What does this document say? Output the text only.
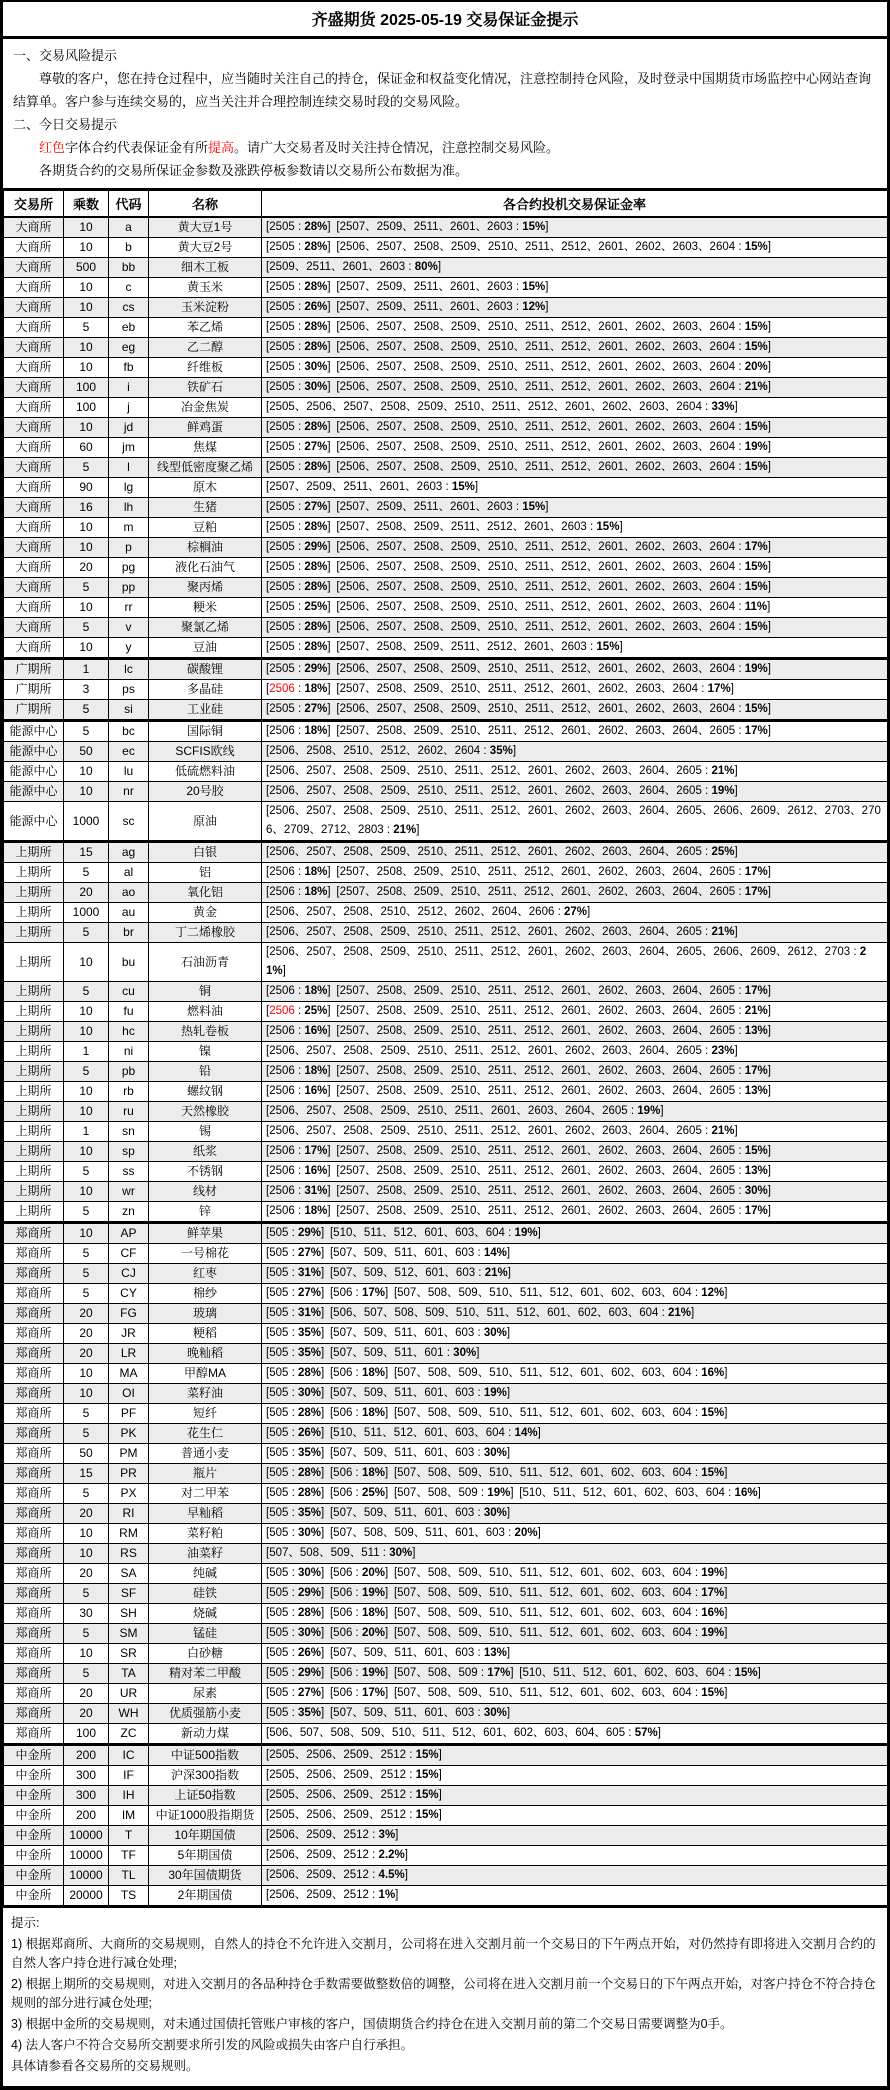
齐盛期货 2025-05-19 交易保证金提示
一、交易风险提示
尊敬的客户，您在持仓过程中，应当随时关注自己的持仓，保证金和权益变化情况，注意控制持仓风险，及时登录中国期货市场监控中心网站查询结算单。客户参与连续交易的，应当关注并合理控制连续交易时段的交易风险。
二、今日交易提示
红色字体合约代表保证金有所提高。请广大交易者及时关注持仓情况，注意控制交易风险。
各期货合约的交易所保证金参数及涨跌停板参数请以交易所公布数据为准。
交易所	乘数	代码	名称	各合约投机交易保证金率
大商所	10	a	黄大豆1号	[2505 : 28%]  [2507、2509、2511、2601、2603 : 15%]
大商所	10	b	黄大豆2号	[2505 : 28%]  [2506、2507、2508、2509、2510、2511、2512、2601、2602、2603、2604 : 15%]
大商所	500	bb	细木工板	[2509、2511、2601、2603 : 80%]
大商所	10	c	黄玉米	[2505 : 28%]  [2507、2509、2511、2601、2603 : 15%]
大商所	10	cs	玉米淀粉	[2505 : 26%]  [2507、2509、2511、2601、2603 : 12%]
大商所	5	eb	苯乙烯	[2505 : 28%]  [2506、2507、2508、2509、2510、2511、2512、2601、2602、2603、2604 : 15%]
大商所	10	eg	乙二醇	[2505 : 28%]  [2506、2507、2508、2509、2510、2511、2512、2601、2602、2603、2604 : 15%]
大商所	10	fb	纤维板	[2505 : 30%]  [2506、2507、2508、2509、2510、2511、2512、2601、2602、2603、2604 : 20%]
大商所	100	i	铁矿石	[2505 : 30%]  [2506、2507、2508、2509、2510、2511、2512、2601、2602、2603、2604 : 21%]
大商所	100	j	冶金焦炭	[2505、2506、2507、2508、2509、2510、2511、2512、2601、2602、2603、2604 : 33%]
大商所	10	jd	鲜鸡蛋	[2505 : 28%]  [2506、2507、2508、2509、2510、2511、2512、2601、2602、2603、2604 : 15%]
大商所	60	jm	焦煤	[2505 : 27%]  [2506、2507、2508、2509、2510、2511、2512、2601、2602、2603、2604 : 19%]
大商所	5	l	线型低密度聚乙烯	[2505 : 28%]  [2506、2507、2508、2509、2510、2511、2512、2601、2602、2603、2604 : 15%]
大商所	90	lg	原木	[2507、2509、2511、2601、2603 : 15%]
大商所	16	lh	生猪	[2505 : 27%]  [2507、2509、2511、2601、2603 : 15%]
大商所	10	m	豆粕	[2505 : 28%]  [2507、2508、2509、2511、2512、2601、2603 : 15%]
大商所	10	p	棕榈油	[2505 : 29%]  [2506、2507、2508、2509、2510、2511、2512、2601、2602、2603、2604 : 17%]
大商所	20	pg	液化石油气	[2505 : 28%]  [2506、2507、2508、2509、2510、2511、2512、2601、2602、2603、2604 : 15%]
大商所	5	pp	聚丙烯	[2505 : 28%]  [2506、2507、2508、2509、2510、2511、2512、2601、2602、2603、2604 : 15%]
大商所	10	rr	粳米	[2505 : 25%]  [2506、2507、2508、2509、2510、2511、2512、2601、2602、2603、2604 : 11%]
大商所	5	v	聚氯乙烯	[2505 : 28%]  [2506、2507、2508、2509、2510、2511、2512、2601、2602、2603、2604 : 15%]
大商所	10	y	豆油	[2505 : 28%]  [2507、2508、2509、2511、2512、2601、2603 : 15%]
广期所	1	lc	碳酸锂	[2505 : 29%]  [2506、2507、2508、2509、2510、2511、2512、2601、2602、2603、2604 : 19%]
广期所	3	ps	多晶硅	[2506 : 18%]  [2507、2508、2509、2510、2511、2512、2601、2602、2603、2604 : 17%]
广期所	5	si	工业硅	[2505 : 27%]  [2506、2507、2508、2509、2510、2511、2512、2601、2602、2603、2604 : 15%]
能源中心	5	bc	国际铜	[2506 : 18%]  [2507、2508、2509、2510、2511、2512、2601、2602、2603、2604、2605 : 17%]
能源中心	50	ec	SCFIS欧线	[2506、2508、2510、2512、2602、2604 : 35%]
能源中心	10	lu	低硫燃料油	[2506、2507、2508、2509、2510、2511、2512、2601、2602、2603、2604、2605 : 21%]
能源中心	10	nr	20号胶	[2506、2507、2508、2509、2510、2511、2512、2601、2602、2603、2604、2605 : 19%]
能源中心	1000	sc	原油	[2506、2507、2508、2509、2510、2511、2512、2601、2602、2603、2604、2605、2606、2609、2612、2703、2706、2709、2712、2803 : 21%]
上期所	15	ag	白银	[2506、2507、2508、2509、2510、2511、2512、2601、2602、2603、2604、2605 : 25%]
上期所	5	al	铝	[2506 : 18%]  [2507、2508、2509、2510、2511、2512、2601、2602、2603、2604、2605 : 17%]
上期所	20	ao	氧化铝	[2506 : 18%]  [2507、2508、2509、2510、2511、2512、2601、2602、2603、2604、2605 : 17%]
上期所	1000	au	黄金	[2506、2507、2508、2510、2512、2602、2604、2606 : 27%]
上期所	5	br	丁二烯橡胶	[2506、2507、2508、2509、2510、2511、2512、2601、2602、2603、2604、2605 : 21%]
上期所	10	bu	石油沥青	[2506、2507、2508、2509、2510、2511、2512、2601、2602、2603、2604、2605、2606、2609、2612、2703 : 21%]
上期所	5	cu	铜	[2506 : 18%]  [2507、2508、2509、2510、2511、2512、2601、2602、2603、2604、2605 : 17%]
上期所	10	fu	燃料油	[2506 : 25%]  [2507、2508、2509、2510、2511、2512、2601、2602、2603、2604、2605 : 21%]
上期所	10	hc	热轧卷板	[2506 : 16%]  [2507、2508、2509、2510、2511、2512、2601、2602、2603、2604、2605 : 13%]
上期所	1	ni	镍	[2506、2507、2508、2509、2510、2511、2512、2601、2602、2603、2604、2605 : 23%]
上期所	5	pb	铅	[2506 : 18%]  [2507、2508、2509、2510、2511、2512、2601、2602、2603、2604、2605 : 17%]
上期所	10	rb	螺纹钢	[2506 : 16%]  [2507、2508、2509、2510、2511、2512、2601、2602、2603、2604、2605 : 13%]
上期所	10	ru	天然橡胶	[2506、2507、2508、2509、2510、2511、2601、2603、2604、2605 : 19%]
上期所	1	sn	锡	[2506、2507、2508、2509、2510、2511、2512、2601、2602、2603、2604、2605 : 21%]
上期所	10	sp	纸浆	[2506 : 17%]  [2507、2508、2509、2510、2511、2512、2601、2602、2603、2604、2605 : 15%]
上期所	5	ss	不锈钢	[2506 : 16%]  [2507、2508、2509、2510、2511、2512、2601、2602、2603、2604、2605 : 13%]
上期所	10	wr	线材	[2506 : 31%]  [2507、2508、2509、2510、2511、2512、2601、2602、2603、2604、2605 : 30%]
上期所	5	zn	锌	[2506 : 18%]  [2507、2508、2509、2510、2511、2512、2601、2602、2603、2604、2605 : 17%]
郑商所	10	AP	鲜苹果	[505 : 29%]  [510、511、512、601、603、604 : 19%]
郑商所	5	CF	一号棉花	[505 : 27%]  [507、509、511、601、603 : 14%]
郑商所	5	CJ	红枣	[505 : 31%]  [507、509、512、601、603 : 21%]
郑商所	5	CY	棉纱	[505 : 27%]  [506 : 17%]  [507、508、509、510、511、512、601、602、603、604 : 12%]
郑商所	20	FG	玻璃	[505 : 31%]  [506、507、508、509、510、511、512、601、602、603、604 : 21%]
郑商所	20	JR	粳稻	[505 : 35%]  [507、509、511、601、603 : 30%]
郑商所	20	LR	晚籼稻	[505 : 35%]  [507、509、511、601 : 30%]
郑商所	10	MA	甲醇MA	[505 : 28%]  [506 : 18%]  [507、508、509、510、511、512、601、602、603、604 : 16%]
郑商所	10	OI	菜籽油	[505 : 30%]  [507、509、511、601、603 : 19%]
郑商所	5	PF	短纤	[505 : 28%]  [506 : 18%]  [507、508、509、510、511、512、601、602、603、604 : 15%]
郑商所	5	PK	花生仁	[505 : 26%]  [510、511、512、601、603、604 : 14%]
郑商所	50	PM	普通小麦	[505 : 35%]  [507、509、511、601、603 : 30%]
郑商所	15	PR	瓶片	[505 : 28%]  [506 : 18%]  [507、508、509、510、511、512、601、602、603、604 : 15%]
郑商所	5	PX	对二甲苯	[505 : 28%]  [506 : 25%]  [507、508、509 : 19%]  [510、511、512、601、602、603、604 : 16%]
郑商所	20	RI	早籼稻	[505 : 35%]  [507、509、511、601、603 : 30%]
郑商所	10	RM	菜籽粕	[505 : 30%]  [507、508、509、511、601、603 : 20%]
郑商所	10	RS	油菜籽	[507、508、509、511 : 30%]
郑商所	20	SA	纯碱	[505 : 30%]  [506 : 20%]  [507、508、509、510、511、512、601、602、603、604 : 19%]
郑商所	5	SF	硅铁	[505 : 29%]  [506 : 19%]  [507、508、509、510、511、512、601、602、603、604 : 17%]
郑商所	30	SH	烧碱	[505 : 28%]  [506 : 18%]  [507、508、509、510、511、512、601、602、603、604 : 16%]
郑商所	5	SM	锰硅	[505 : 30%]  [506 : 20%]  [507、508、509、510、511、512、601、602、603、604 : 19%]
郑商所	10	SR	白砂糖	[505 : 26%]  [507、509、511、601、603 : 13%]
郑商所	5	TA	精对苯二甲酸	[505 : 29%]  [506 : 19%]  [507、508、509 : 17%]  [510、511、512、601、602、603、604 : 15%]
郑商所	20	UR	尿素	[505 : 27%]  [506 : 17%]  [507、508、509、510、511、512、601、602、603、604 : 15%]
郑商所	20	WH	优质强筋小麦	[505 : 35%]  [507、509、511、601、603 : 30%]
郑商所	100	ZC	新动力煤	[506、507、508、509、510、511、512、601、602、603、604、605 : 57%]
中金所	200	IC	中证500指数	[2505、2506、2509、2512 : 15%]
中金所	300	IF	沪深300指数	[2505、2506、2509、2512 : 15%]
中金所	300	IH	上证50指数	[2505、2506、2509、2512 : 15%]
中金所	200	IM	中证1000股指期货	[2505、2506、2509、2512 : 15%]
中金所	10000	T	10年期国债	[2506、2509、2512 : 3%]
中金所	10000	TF	5年期国债	[2506、2509、2512 : 2.2%]
中金所	10000	TL	30年国债期货	[2506、2509、2512 : 4.5%]
中金所	20000	TS	2年期国债	[2506、2509、2512 : 1%]
提示:
1) 根据郑商所、大商所的交易规则，自然人的持仓不允许进入交割月，公司将在进入交割月前一个交易日的下午两点开始，对仍然持有即将进入交割月合约的自然人客户持仓进行减仓处理;
2) 根据上期所的交易规则，对进入交割月的各品种持仓手数需要做整数倍的调整，公司将在进入交割月前一个交易日的下午两点开始，对客户持仓不符合持仓规则的部分进行减仓处理;
3) 根据中金所的交易规则，对未通过国债托管账户审核的客户，国债期货合约持仓在进入交割月前的第二个交易日需要调整为0手。
4) 法人客户不符合交易所交割要求所引发的风险或损失由客户自行承担。
具体请参看各交易所的交易规则。
